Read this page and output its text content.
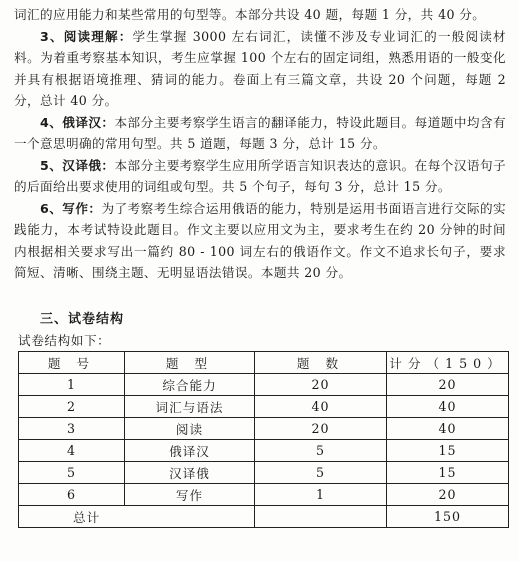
词汇的应用能力和某些常用的句型等。本部分共设 40 题，每题 1 分，共 40 分。

3、阅读理解：学生掌握 3000 左右词汇，读懂不涉及专业词汇的一般阅读材料。为着重考察基本知识，考生应掌握 100 个左右的固定词组，熟悉用语的一般变化并具有根据语境推理、猜词的能力。卷面上有三篇文章，共设 20 个问题，每题 2 分，总计 40 分。

4、俄译汉：本部分主要考察学生语言的翻译能力，特设此题目。每道题中均含有一个意思明确的常用句型。共 5 道题，每题 3 分，总计 15 分。

5、汉译俄：本部分主要考察学生应用所学语言知识表达的意识。在每个汉语句子的后面给出要求使用的词组或句型。共 5 个句子，每句 3 分，总计 15 分。

6、写作：为了考察考生综合运用俄语的能力，特别是运用书面语言进行交际的实践能力，本考试特设此题目。作文主要以应用文为主，要求考生在约 20 分钟的时间内根据相关要求写出一篇约 80 - 100 词左右的俄语作文。作文不追求长句子，要求简短、清晰、围绕主题、无明显语法错误。本题共 20 分。

三、试卷结构

试卷结构如下：

题 号	题 型	题 数	计分（150）
1	综合能力	20	20
2	词汇与语法	40	40
3	阅读	20	40
4	俄译汉	5	15
5	汉译俄	5	15
6	写作	1	20
总计			150
